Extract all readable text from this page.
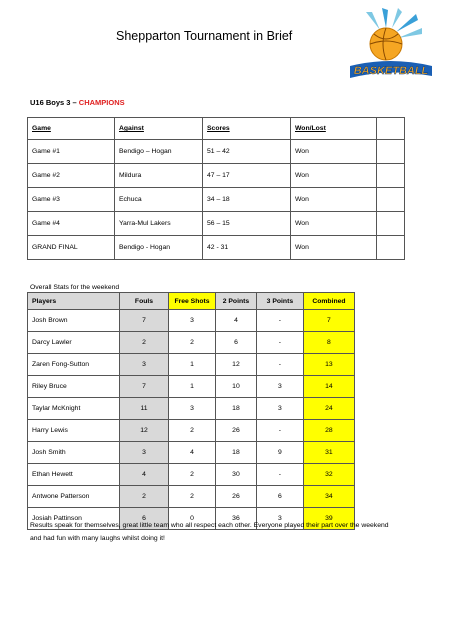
Shepparton Tournament in Brief
BASKETBALL
U16 Boys 3 – CHAMPIONS
Game	Against	Scores	Won/Lost	
Game #1	Bendigo – Hogan	51 – 42	Won	
Game #2	Mildura	47 – 17	Won	
Game #3	Echuca	34 – 18	Won	
Game #4	Yarra-Mul Lakers	56 – 15	Won	
GRAND FINAL	Bendigo - Hogan	42 - 31	Won	
Overall Stats for the weekend
Players	Fouls	Free Shots	2 Points	3 Points	Combined
Josh Brown	7	3	4	-	7
Darcy Lawler	2	2	6	-	8
Zaren Fong-Sutton	3	1	12	-	13
Riley Bruce	7	1	10	3	14
Taylar McKnight	11	3	18	3	24
Harry Lewis	12	2	26	-	28
Josh Smith	3	4	18	9	31
Ethan Hewett	4	2	30	-	32
Antwone Patterson	2	2	26	6	34
Josiah Pattinson	6	0	36	3	39
Results speak for themselves, great little team who all respect each other. Everyone played their part over the weekend and had fun with many laughs whilst doing it!
